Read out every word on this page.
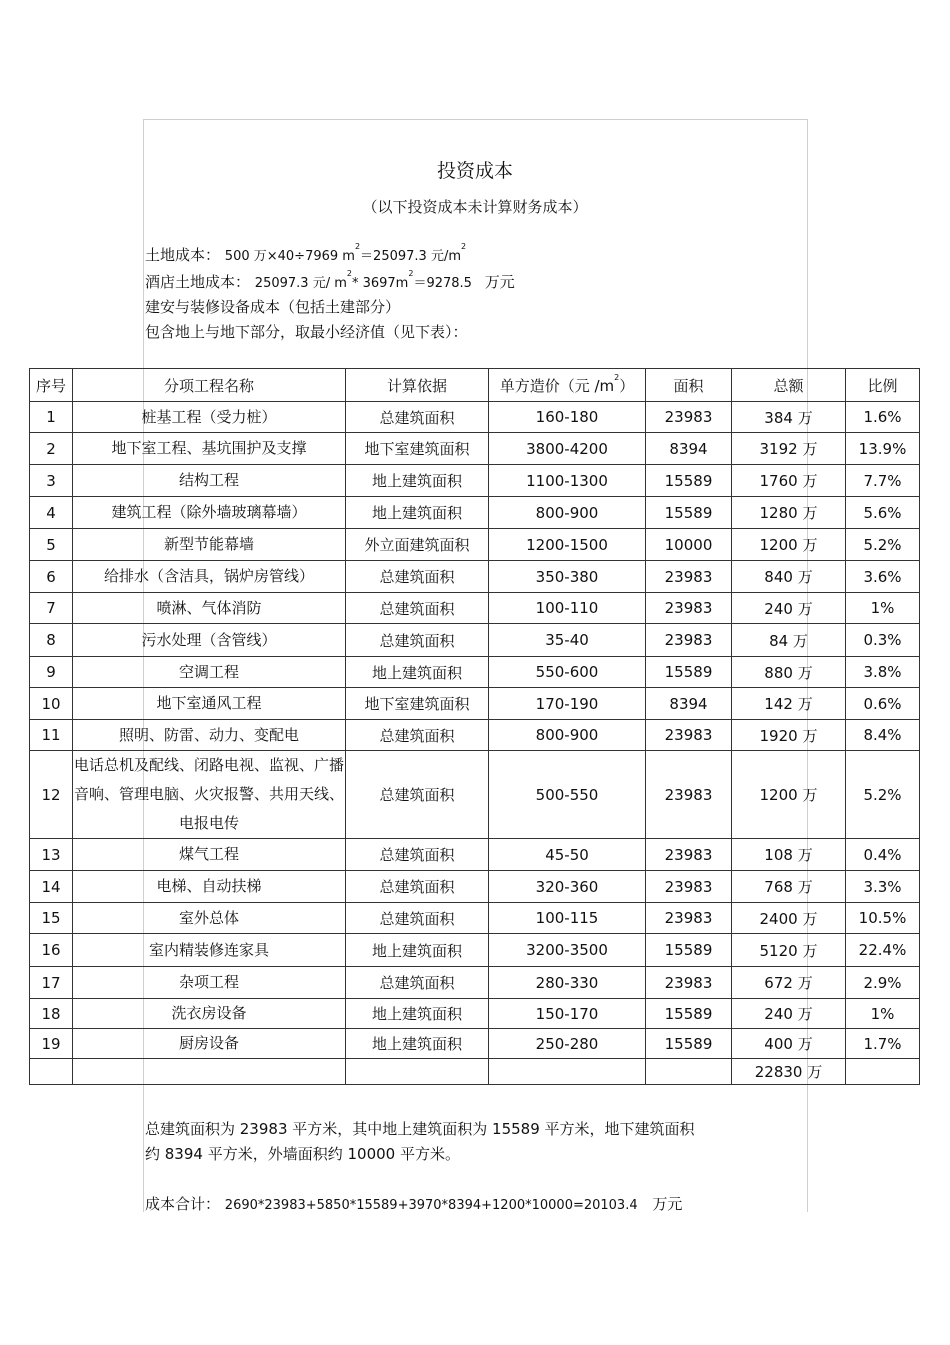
投资成本
（以下投资成本未计算财务成本）
土地成本： 500 万×40÷7969 $m^2=25097.3$ 元$/m^2$
酒店土地成本： 25097.3 元/ $m^2*$ $3697m^2=9278.5$ 万元
建安与装修设备成本（包括土建部分）
包含地上与地下部分，取最小经济值（见下表）：
序号	分项工程名称	计算依据	单方造价（元 $/m^2$）	面积	总额	比例
1	桩基工程（受力桩）	总建筑面积	160-180	23983	384 万	1.6%
2	地下室工程、基坑围护及支撑	地下室建筑面积	3800-4200	8394	3192 万	13.9%
3	结构工程	地上建筑面积	1100-1300	15589	1760 万	7.7%
4	建筑工程（除外墙玻璃幕墙）	地上建筑面积	800-900	15589	1280 万	5.6%
5	新型节能幕墙	外立面建筑面积	1200-1500	10000	1200 万	5.2%
6	给排水（含洁具，锅炉房管线）	总建筑面积	350-380	23983	840 万	3.6%
7	喷淋、气体消防	总建筑面积	100-110	23983	240 万	1%
8	污水处理（含管线）	总建筑面积	35-40	23983	84 万	0.3%
9	空调工程	地上建筑面积	550-600	15589	880 万	3.8%
10	地下室通风工程	地下室建筑面积	170-190	8394	142 万	0.6%
11	照明、防雷、动力、变配电	总建筑面积	800-900	23983	1920 万	8.4%
12	电话总机及配线、闭路电视、监视、广播音响、管理电脑、火灾报警、共用天线、电报电传	总建筑面积	500-550	23983	1200 万	5.2%
13	煤气工程	总建筑面积	45-50	23983	108 万	0.4%
14	电梯、自动扶梯	总建筑面积	320-360	23983	768 万	3.3%
15	室外总体	总建筑面积	100-115	23983	2400 万	10.5%
16	室内精装修连家具	地上建筑面积	3200-3500	15589	5120 万	22.4%
17	杂项工程	总建筑面积	280-330	23983	672 万	2.9%
18	洗衣房设备	地上建筑面积	150-170	15589	240 万	1%
19	厨房设备	地上建筑面积	250-280	15589	400 万	1.7%
					22830 万	
总建筑面积为 23983 平方米，其中地上建筑面积为 15589 平方米，地下建筑面积
约 8394 平方米，外墙面积约 10000 平方米。
成本合计： 2690*23983+5850*15589+3970*8394+1200*10000=20103.4 万元
